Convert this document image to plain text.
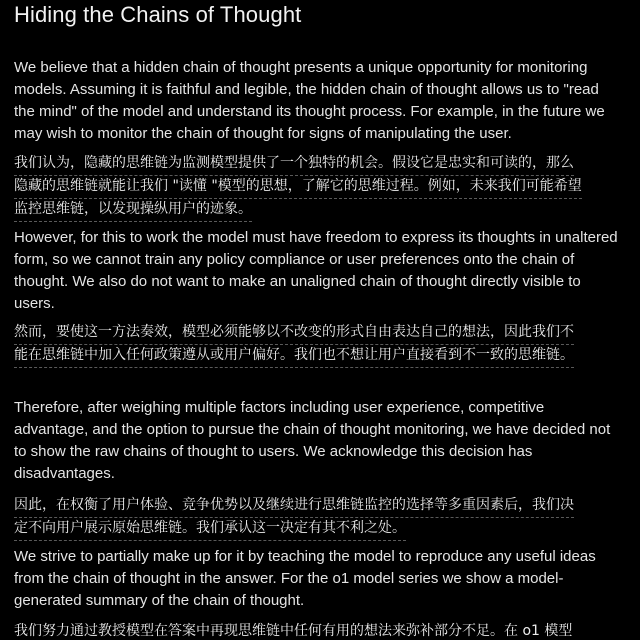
Hiding the Chains of Thought
We believe that a hidden chain of thought presents a unique opportunity for monitoring
models. Assuming it is faithful and legible, the hidden chain of thought allows us to "read
the mind" of the model and understand its thought process. For example, in the future we
may wish to monitor the chain of thought for signs of manipulating the user.
我们认为，隐藏的思维链为监测模型提供了一个独特的机会。假设它是忠实和可读的，那么
隐藏的思维链就能让我们 "读懂 "模型的思想，了解它的思维过程。例如，未来我们可能希望
监控思维链，以发现操纵用户的迹象。
However, for this to work the model must have freedom to express its thoughts in unaltered
form, so we cannot train any policy compliance or user preferences onto the chain of
thought. We also do not want to make an unaligned chain of thought directly visible to
users.
然而，要使这一方法奏效，模型必须能够以不改变的形式自由表达自己的想法，因此我们不
能在思维链中加入任何政策遵从或用户偏好。我们也不想让用户直接看到不一致的思维链。
Therefore, after weighing multiple factors including user experience, competitive
advantage, and the option to pursue the chain of thought monitoring, we have decided not
to show the raw chains of thought to users. We acknowledge this decision has
disadvantages.
因此，在权衡了用户体验、竞争优势以及继续进行思维链监控的选择等多重因素后，我们决
定不向用户展示原始思维链。我们承认这一决定有其不利之处。
We strive to partially make up for it by teaching the model to reproduce any useful ideas
from the chain of thought in the answer. For the o1 model series we show a model-
generated summary of the chain of thought.
我们努力通过教授模型在答案中再现思维链中任何有用的想法来弥补部分不足。在 o1 模型
